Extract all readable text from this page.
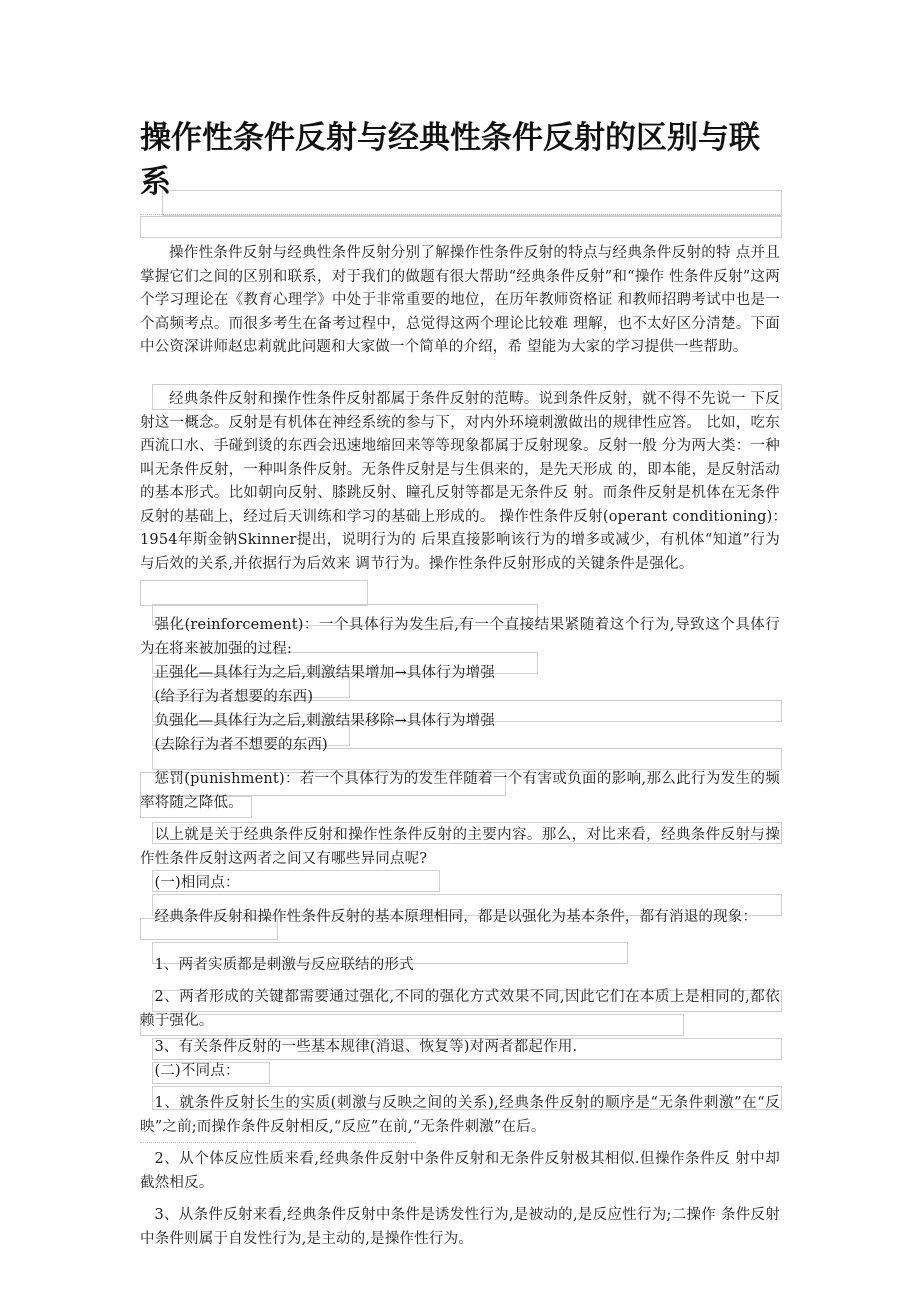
操作性条件反射与经典性条件反射的区别与联系

操作性条件反射与经典性条件反射分别了解操作性条件反射的特点与经典条件反射的特 点并且掌握它们之间的区别和联系，对于我们的做题有很大帮助“经典条件反射”和“操作 性条件反射”这两个学习理论在《教育心理学》中处于非常重要的地位，在历年教师资格证 和教师招聘考试中也是一个高频考点。而很多考生在备考过程中，总觉得这两个理论比较难 理解，也不太好区分清楚。下面中公资深讲师赵忠莉就此问题和大家做一个简单的介绍，希 望能为大家的学习提供一些帮助。

经典条件反射和操作性条件反射都属于条件反射的范畴。说到条件反射，就不得不先说一 下反射这一概念。反射是有机体在神经系统的参与下，对内外环境刺激做出的规律性应答。 比如，吃东西流口水、手碰到烫的东西会迅速地缩回来等等现象都属于反射现象。反射一般 分为两大类：一种叫无条件反射，一种叫条件反射。无条件反射是与生俱来的，是先天形成 的，即本能，是反射活动的基本形式。比如朝向反射、膝跳反射、瞳孔反射等都是无条件反 射。而条件反射是机体在无条件反射的基础上，经过后天训练和学习的基础上形成的。 操作性条件反射(operant conditioning)：　1954年斯金钠Skinner提出，说明行为的 后果直接影响该行为的增多或减少，有机体“知道”行为与后效的关系,并依据行为后效来 调节行为。操作性条件反射形成的关键条件是强化。

强化(reinforcement)：一个具体行为发生后,有一个直接结果紧随着这个行为,导致这个具体行为在将来被加强的过程:

正强化—具体行为之后,刺激结果增加→具体行为增强

(给予行为者想要的东西)

负强化—具体行为之后,刺激结果移除→具体行为增强

(去除行为者不想要的东西)

惩罚(punishment)：若一个具体行为的发生伴随着一个有害或负面的影响,那么此行为发生的频率将随之降低。

以上就是关于经典条件反射和操作性条件反射的主要内容。那么，对比来看，经典条件反射与操作性条件反射这两者之间又有哪些异同点呢?

(一)相同点：

经典条件反射和操作性条件反射的基本原理相同，都是以强化为基本条件，都有消退的现象：

1、两者实质都是刺激与反应联结的形式

2、两者形成的关键都需要通过强化,不同的强化方式效果不同,因此它们在本质上是相同的,都依赖于强化。

3、有关条件反射的一些基本规律(消退、恢复等)对两者都起作用.

(二)不同点：

1、就条件反射长生的实质(刺激与反映之间的关系),经典条件反射的顺序是“无条件刺激”在“反映”之前;而操作条件反射相反,“反应”在前,“无条件刺激”在后。

2、从个体反应性质来看,经典条件反射中条件反射和无条件反射极其相似.但操作条件反 射中却截然相反。

3、从条件反射来看,经典条件反射中条件是诱发性行为,是被动的,是反应性行为;二操作 条件反射中条件则属于自发性行为,是主动的,是操作性行为。
